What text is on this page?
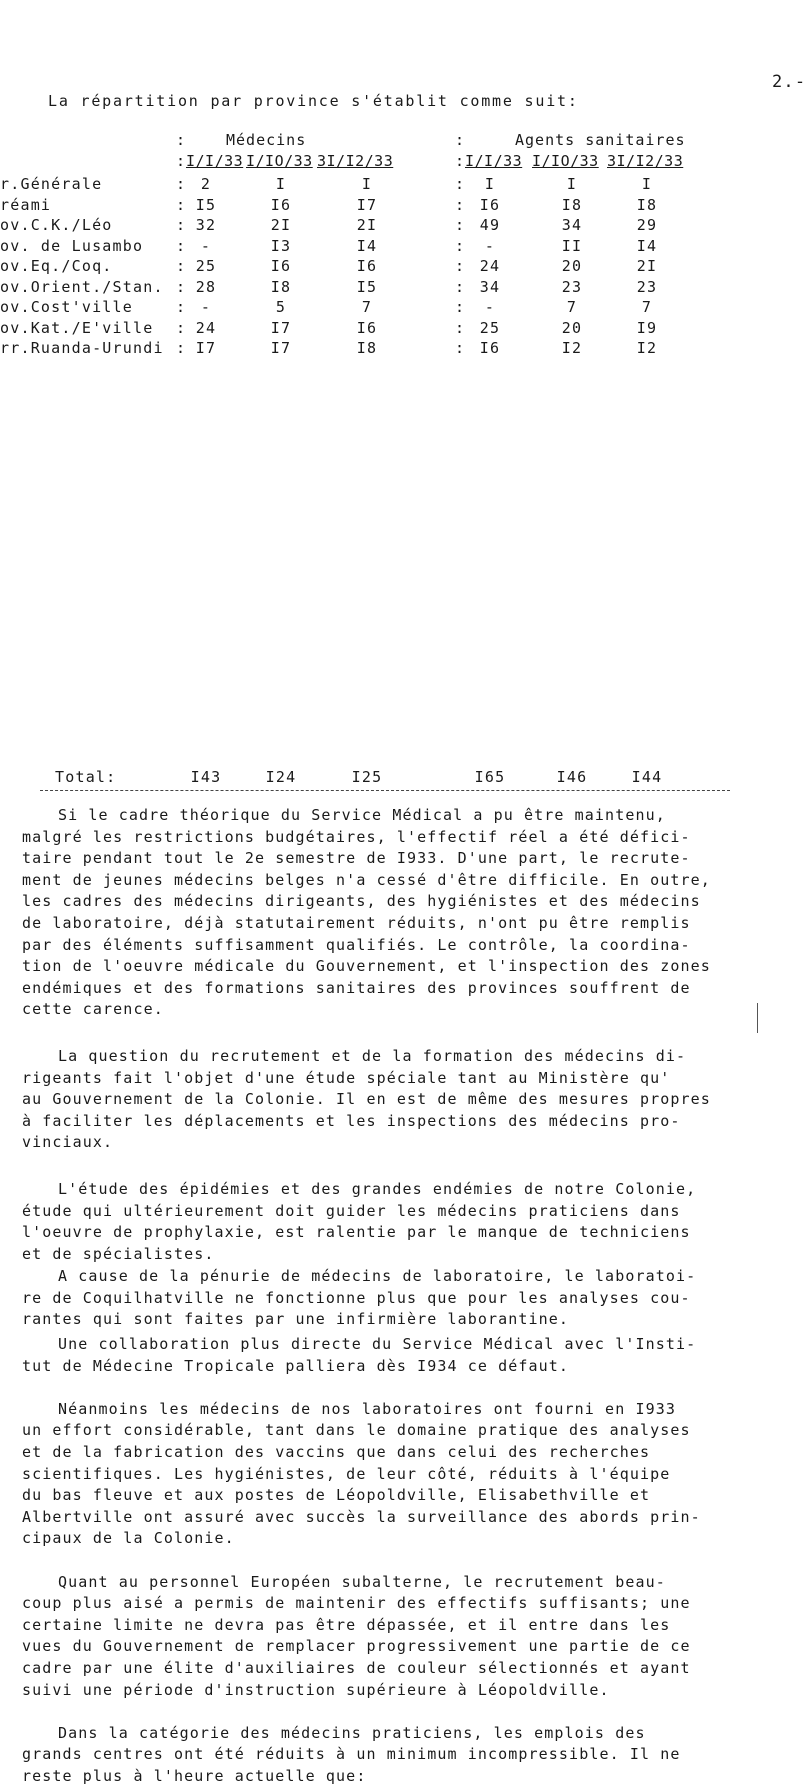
2.-
La répartition par province s'établit comme suit:
:	Médecins	:	Agents sanitaires
: I/I/33 I/IO/33 3I/I2/33	: I/I/33 I/IO/33 3I/I2/33
r.Générale	: 2	I	I	:	I	I	I
réami	: I5	I6	I7	: I6	I8	I8
ov.C.K./Léo	: 32	2I	2I	: 49	34	29
ov. de Lusambo : -	I3	I4	:	-	II	I4
ov.Eq./Coq.	: 25	I6	I6	: 24	20	2I
ov.Orient./Stan. : 28	I8	I5	: 34	23	23
ov.Cost'ville	: -	5	7	:	-	7	7
ov.Kat./E'ville : 24	I7	I6	: 25	20	I9
rr.Ruanda-Urundi : I7	I7	I8	: I6	I2	I2
Total:	I43	I24	I25	I65	I46	I44
Si le cadre théorique du Service Médical a pu être maintenu,
malgré les restrictions budgétaires, l'effectif réel a été défici-
taire pendant tout le 2e semestre de I933. D'une part, le recrute-
ment de jeunes médecins belges n'a cessé d'être difficile. En outre,
les cadres des médecins dirigeants, des hygiénistes et des médecins
de laboratoire, déjà statutairement réduits, n'ont pu être remplis
par des éléments suffisamment qualifiés. Le contrôle, la coordina-
tion de l'oeuvre médicale du Gouvernement, et l'inspection des zones
endémiques et des formations sanitaires des provinces souffrent de
cette carence.
La question du recrutement et de la formation des médecins di-
rigeants fait l'objet d'une étude spéciale tant au Ministère qu'
au Gouvernement de la Colonie. Il en est de même des mesures propres
à faciliter les déplacements et les inspections des médecins pro-
vinciaux.
L'étude des épidémies et des grandes endémies de notre Colonie,
étude qui ultérieurement doit guider les médecins praticiens dans
l'oeuvre de prophylaxie, est ralentie par le manque de techniciens
et de spécialistes.
A cause de la pénurie de médecins de laboratoire, le laboratoi-
re de Coquilhatville ne fonctionne plus que pour les analyses cou-
rantes qui sont faites par une infirmière laborantine.
Une collaboration plus directe du Service Médical avec l'Insti-
tut de Médecine Tropicale palliera dès I934 ce défaut.
Néanmoins les médecins de nos laboratoires ont fourni en I933
un effort considérable, tant dans le domaine pratique des analyses
et de la fabrication des vaccins que dans celui des recherches
scientifiques. Les hygiénistes, de leur côté, réduits à l'équipe
du bas fleuve et aux postes de Léopoldville, Elisabethville et
Albertville ont assuré avec succès la surveillance des abords prin-
cipaux de la Colonie.
Quant au personnel Européen subalterne, le recrutement beau-
coup plus aisé a permis de maintenir des effectifs suffisants; une
certaine limite ne devra pas être dépassée, et il entre dans les
vues du Gouvernement de remplacer progressivement une partie de ce
cadre par une élite d'auxiliaires de couleur sélectionnés et ayant
suivi une période d'instruction supérieure à Léopoldville.
Dans la catégorie des médecins praticiens, les emplois des
grands centres ont été réduits à un minimum incompressible. Il ne
reste plus à l'heure actuelle que:
